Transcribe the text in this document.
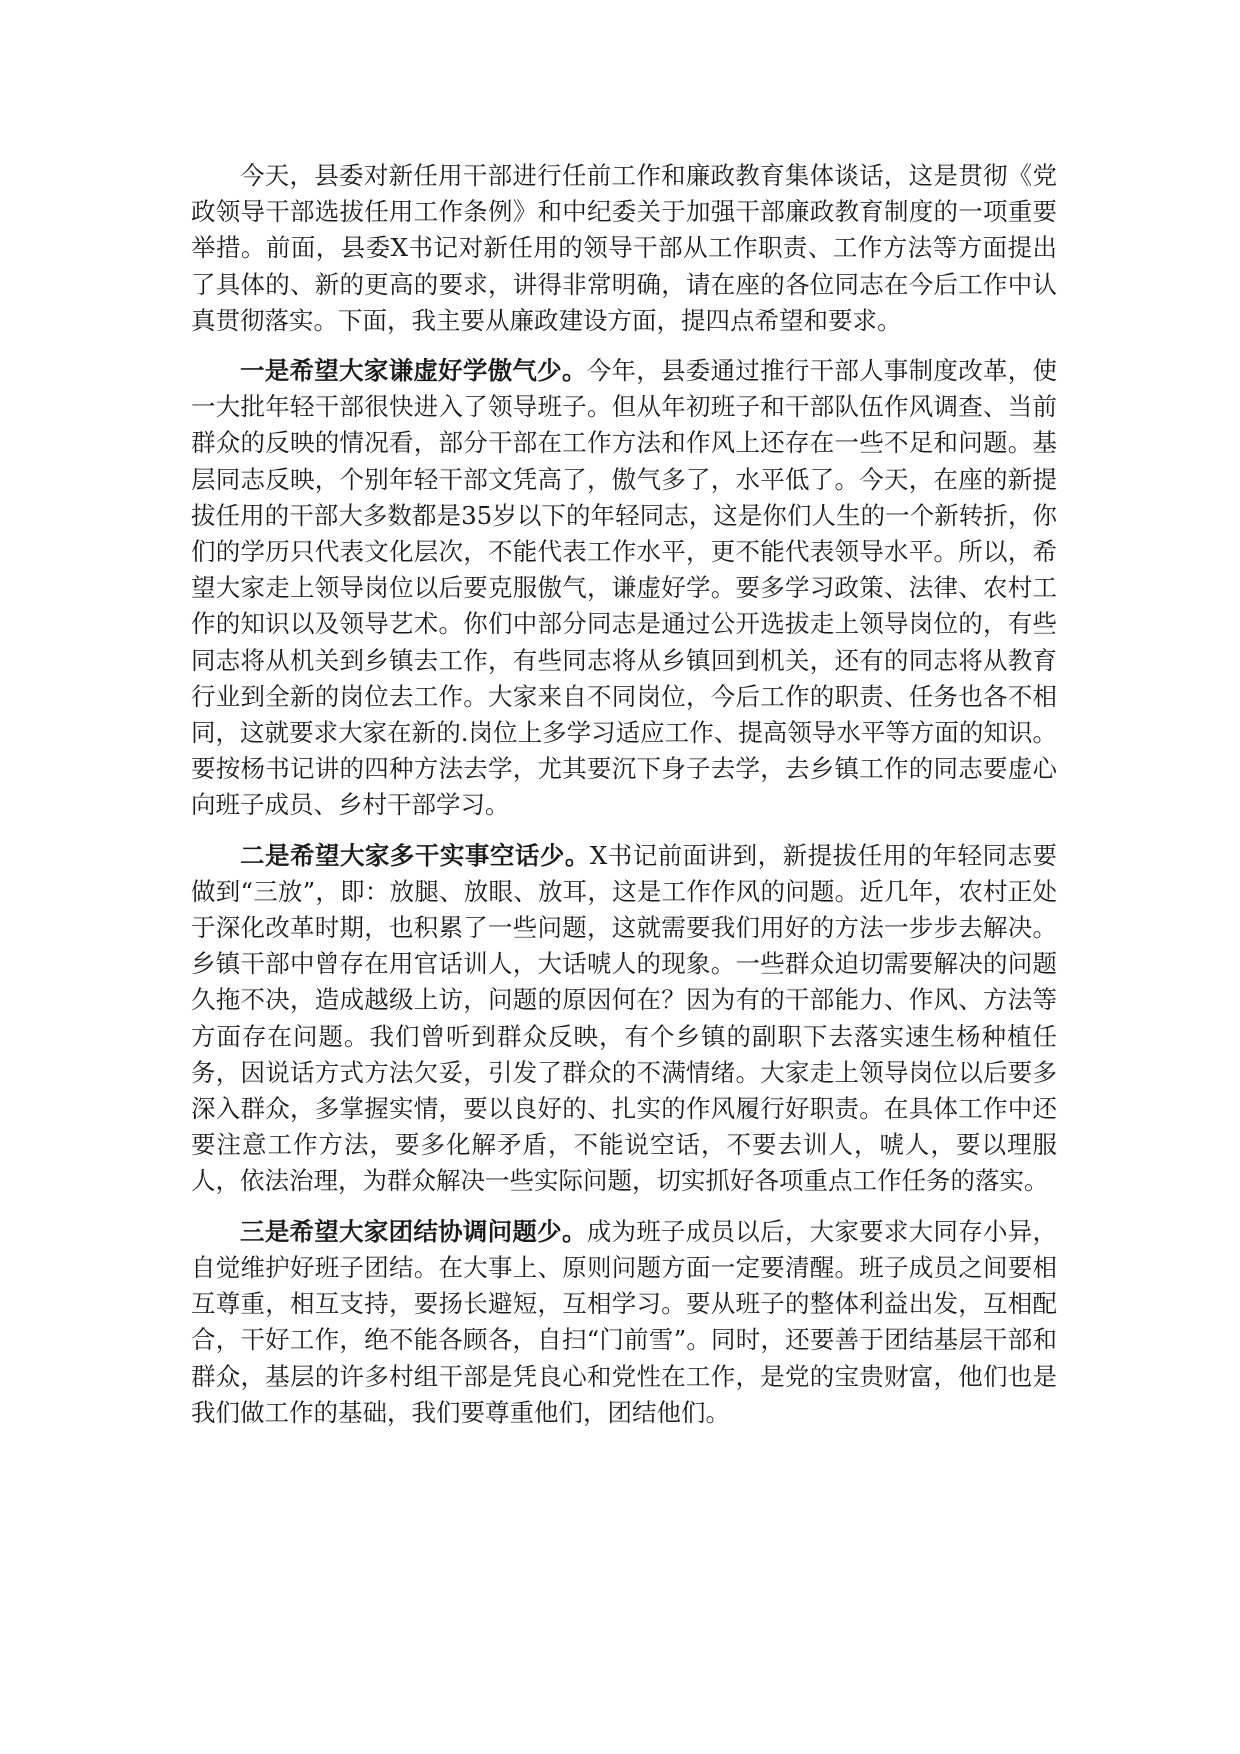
今天，县委对新任用干部进行任前工作和廉政教育集体谈话，这是贯彻《党政领导干部选拔任用工作条例》和中纪委关于加强干部廉政教育制度的一项重要举措。前面，县委X书记对新任用的领导干部从工作职责、工作方法等方面提出了具体的、新的更高的要求，讲得非常明确，请在座的各位同志在今后工作中认真贯彻落实。下面，我主要从廉政建设方面，提四点希望和要求。

一是希望大家谦虚好学傲气少。今年，县委通过推行干部人事制度改革，使一大批年轻干部很快进入了领导班子。但从年初班子和干部队伍作风调查、当前群众的反映的情况看，部分干部在工作方法和作风上还存在一些不足和问题。基层同志反映，个别年轻干部文凭高了，傲气多了，水平低了。今天，在座的新提拔任用的干部大多数都是35岁以下的年轻同志，这是你们人生的一个新转折，你们的学历只代表文化层次，不能代表工作水平，更不能代表领导水平。所以，希望大家走上领导岗位以后要克服傲气，谦虚好学。要多学习政策、法律、农村工作的知识以及领导艺术。你们中部分同志是通过公开选拔走上领导岗位的，有些同志将从机关到乡镇去工作，有些同志将从乡镇回到机关，还有的同志将从教育行业到全新的岗位去工作。大家来自不同岗位，今后工作的职责、任务也各不相同，这就要求大家在新的.岗位上多学习适应工作、提高领导水平等方面的知识。要按杨书记讲的四种方法去学，尤其要沉下身子去学，去乡镇工作的同志要虚心向班子成员、乡村干部学习。

二是希望大家多干实事空话少。X书记前面讲到，新提拔任用的年轻同志要做到“三放”，即：放腿、放眼、放耳，这是工作作风的问题。近几年，农村正处于深化改革时期，也积累了一些问题，这就需要我们用好的方法一步步去解决。乡镇干部中曾存在用官话训人，大话唬人的现象。一些群众迫切需要解决的问题久拖不决，造成越级上访，问题的原因何在？因为有的干部能力、作风、方法等方面存在问题。我们曾听到群众反映，有个乡镇的副职下去落实速生杨种植任务，因说话方式方法欠妥，引发了群众的不满情绪。大家走上领导岗位以后要多深入群众，多掌握实情，要以良好的、扎实的作风履行好职责。在具体工作中还要注意工作方法，要多化解矛盾，不能说空话，不要去训人，唬人，要以理服人，依法治理，为群众解决一些实际问题，切实抓好各项重点工作任务的落实。

三是希望大家团结协调问题少。成为班子成员以后，大家要求大同存小异，自觉维护好班子团结。在大事上、原则问题方面一定要清醒。班子成员之间要相互尊重，相互支持，要扬长避短，互相学习。要从班子的整体利益出发，互相配合，干好工作，绝不能各顾各，自扫“门前雪”。同时，还要善于团结基层干部和群众，基层的许多村组干部是凭良心和党性在工作，是党的宝贵财富，他们也是我们做工作的基础，我们要尊重他们，团结他们。
